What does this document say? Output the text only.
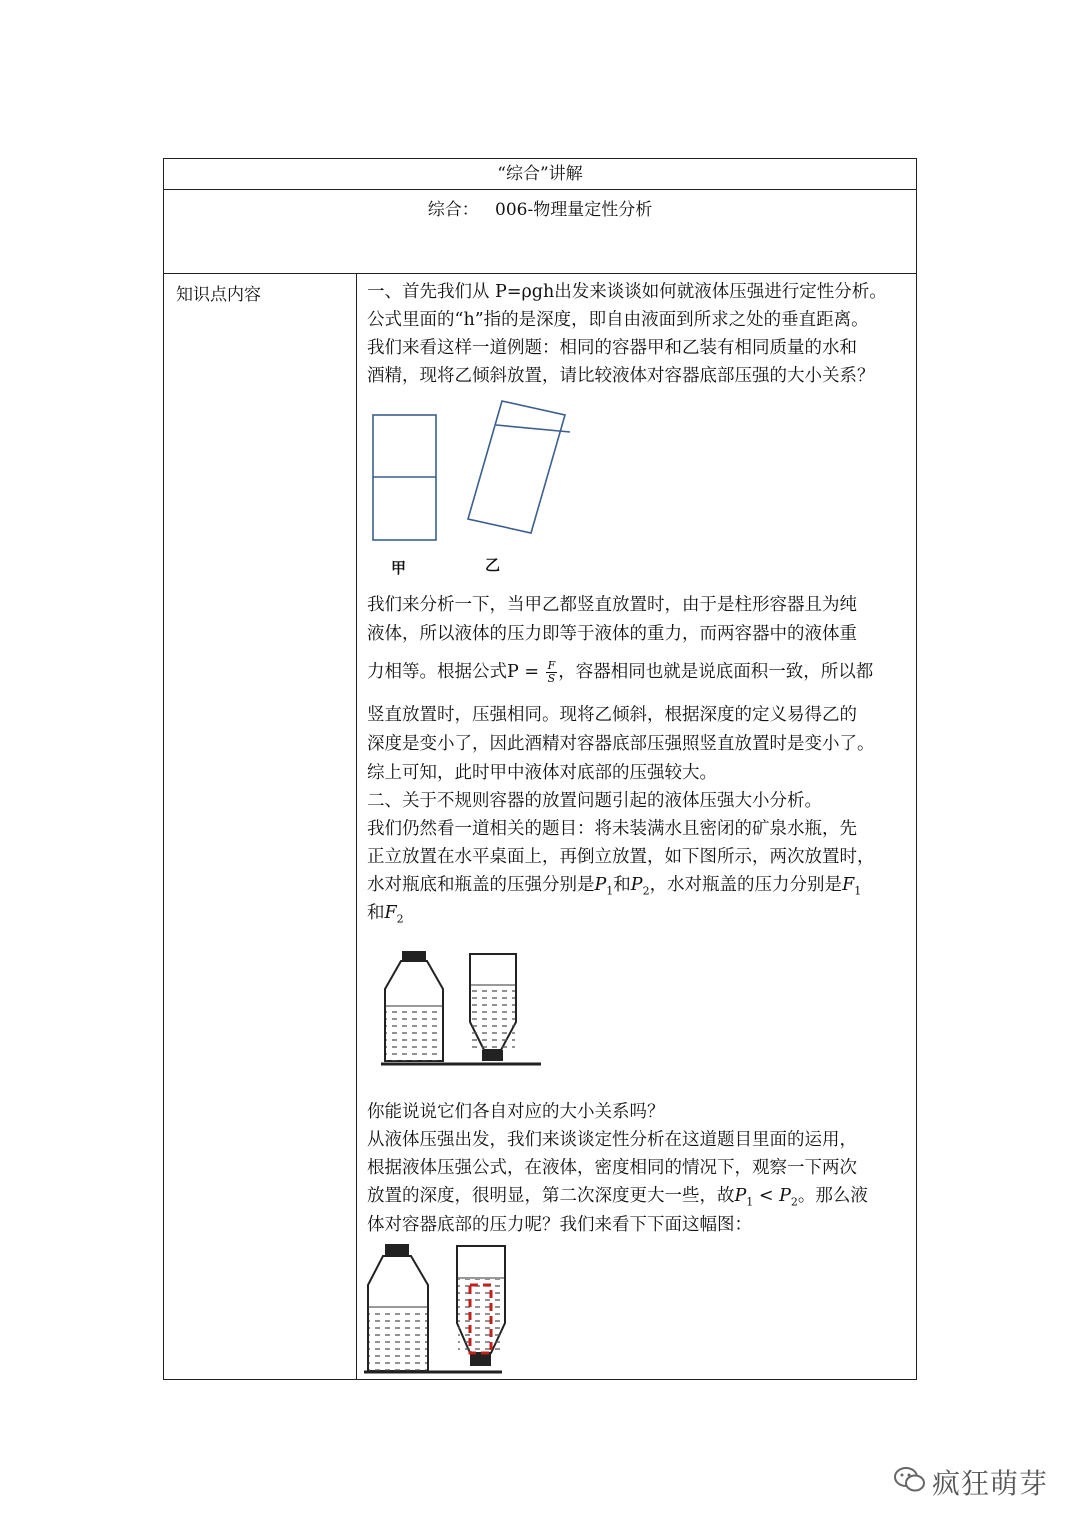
“综合”讲解
综合：   006-物理量定性分析
知识点内容	一、首先我们从 P=ρgh出发来谈谈如何就液体压强进行定性分析。
公式里面的“h”指的是深度，即自由液面到所求之处的垂直距离。
我们来看这样一道例题：相同的容器甲和乙装有相同质量的水和
酒精，现将乙倾斜放置，请比较液体对容器底部压强的大小关系？
甲	乙
我们来分析一下，当甲乙都竖直放置时，由于是柱形容器且为纯
液体，所以液体的压力即等于液体的重力，而两容器中的液体重
力相等。根据公式$P = \frac{F}{S}$ ，容器相同也就是说底面积一致，所以都
竖直放置时，压强相同。现将乙倾斜，根据深度的定义易得乙的
深度是变小了，因此酒精对容器底部压强照竖直放置时是变小了。
综上可知，此时甲中液体对底部的压强较大。
二、关于不规则容器的放置问题引起的液体压强大小分析。
我们仍然看一道相关的题目：将未装满水且密闭的矿泉水瓶，先
正立放置在水平桌面上，再倒立放置，如下图所示，两次放置时，
水对瓶底和瓶盖的压强分别是$P_1$和$P_2$，水对瓶盖的压力分别是$F_1$
和$F_2$
你能说说它们各自对应的大小关系吗？
从液体压强出发，我们来谈谈定性分析在这道题目里面的运用，
根据液体压强公式，在液体，密度相同的情况下，观察一下两次
放置的深度，很明显，第二次深度更大一些，故$P_1 < P_2$。那么液
体对容器底部的压力呢？我们来看下下面这幅图：
疯狂萌芽
